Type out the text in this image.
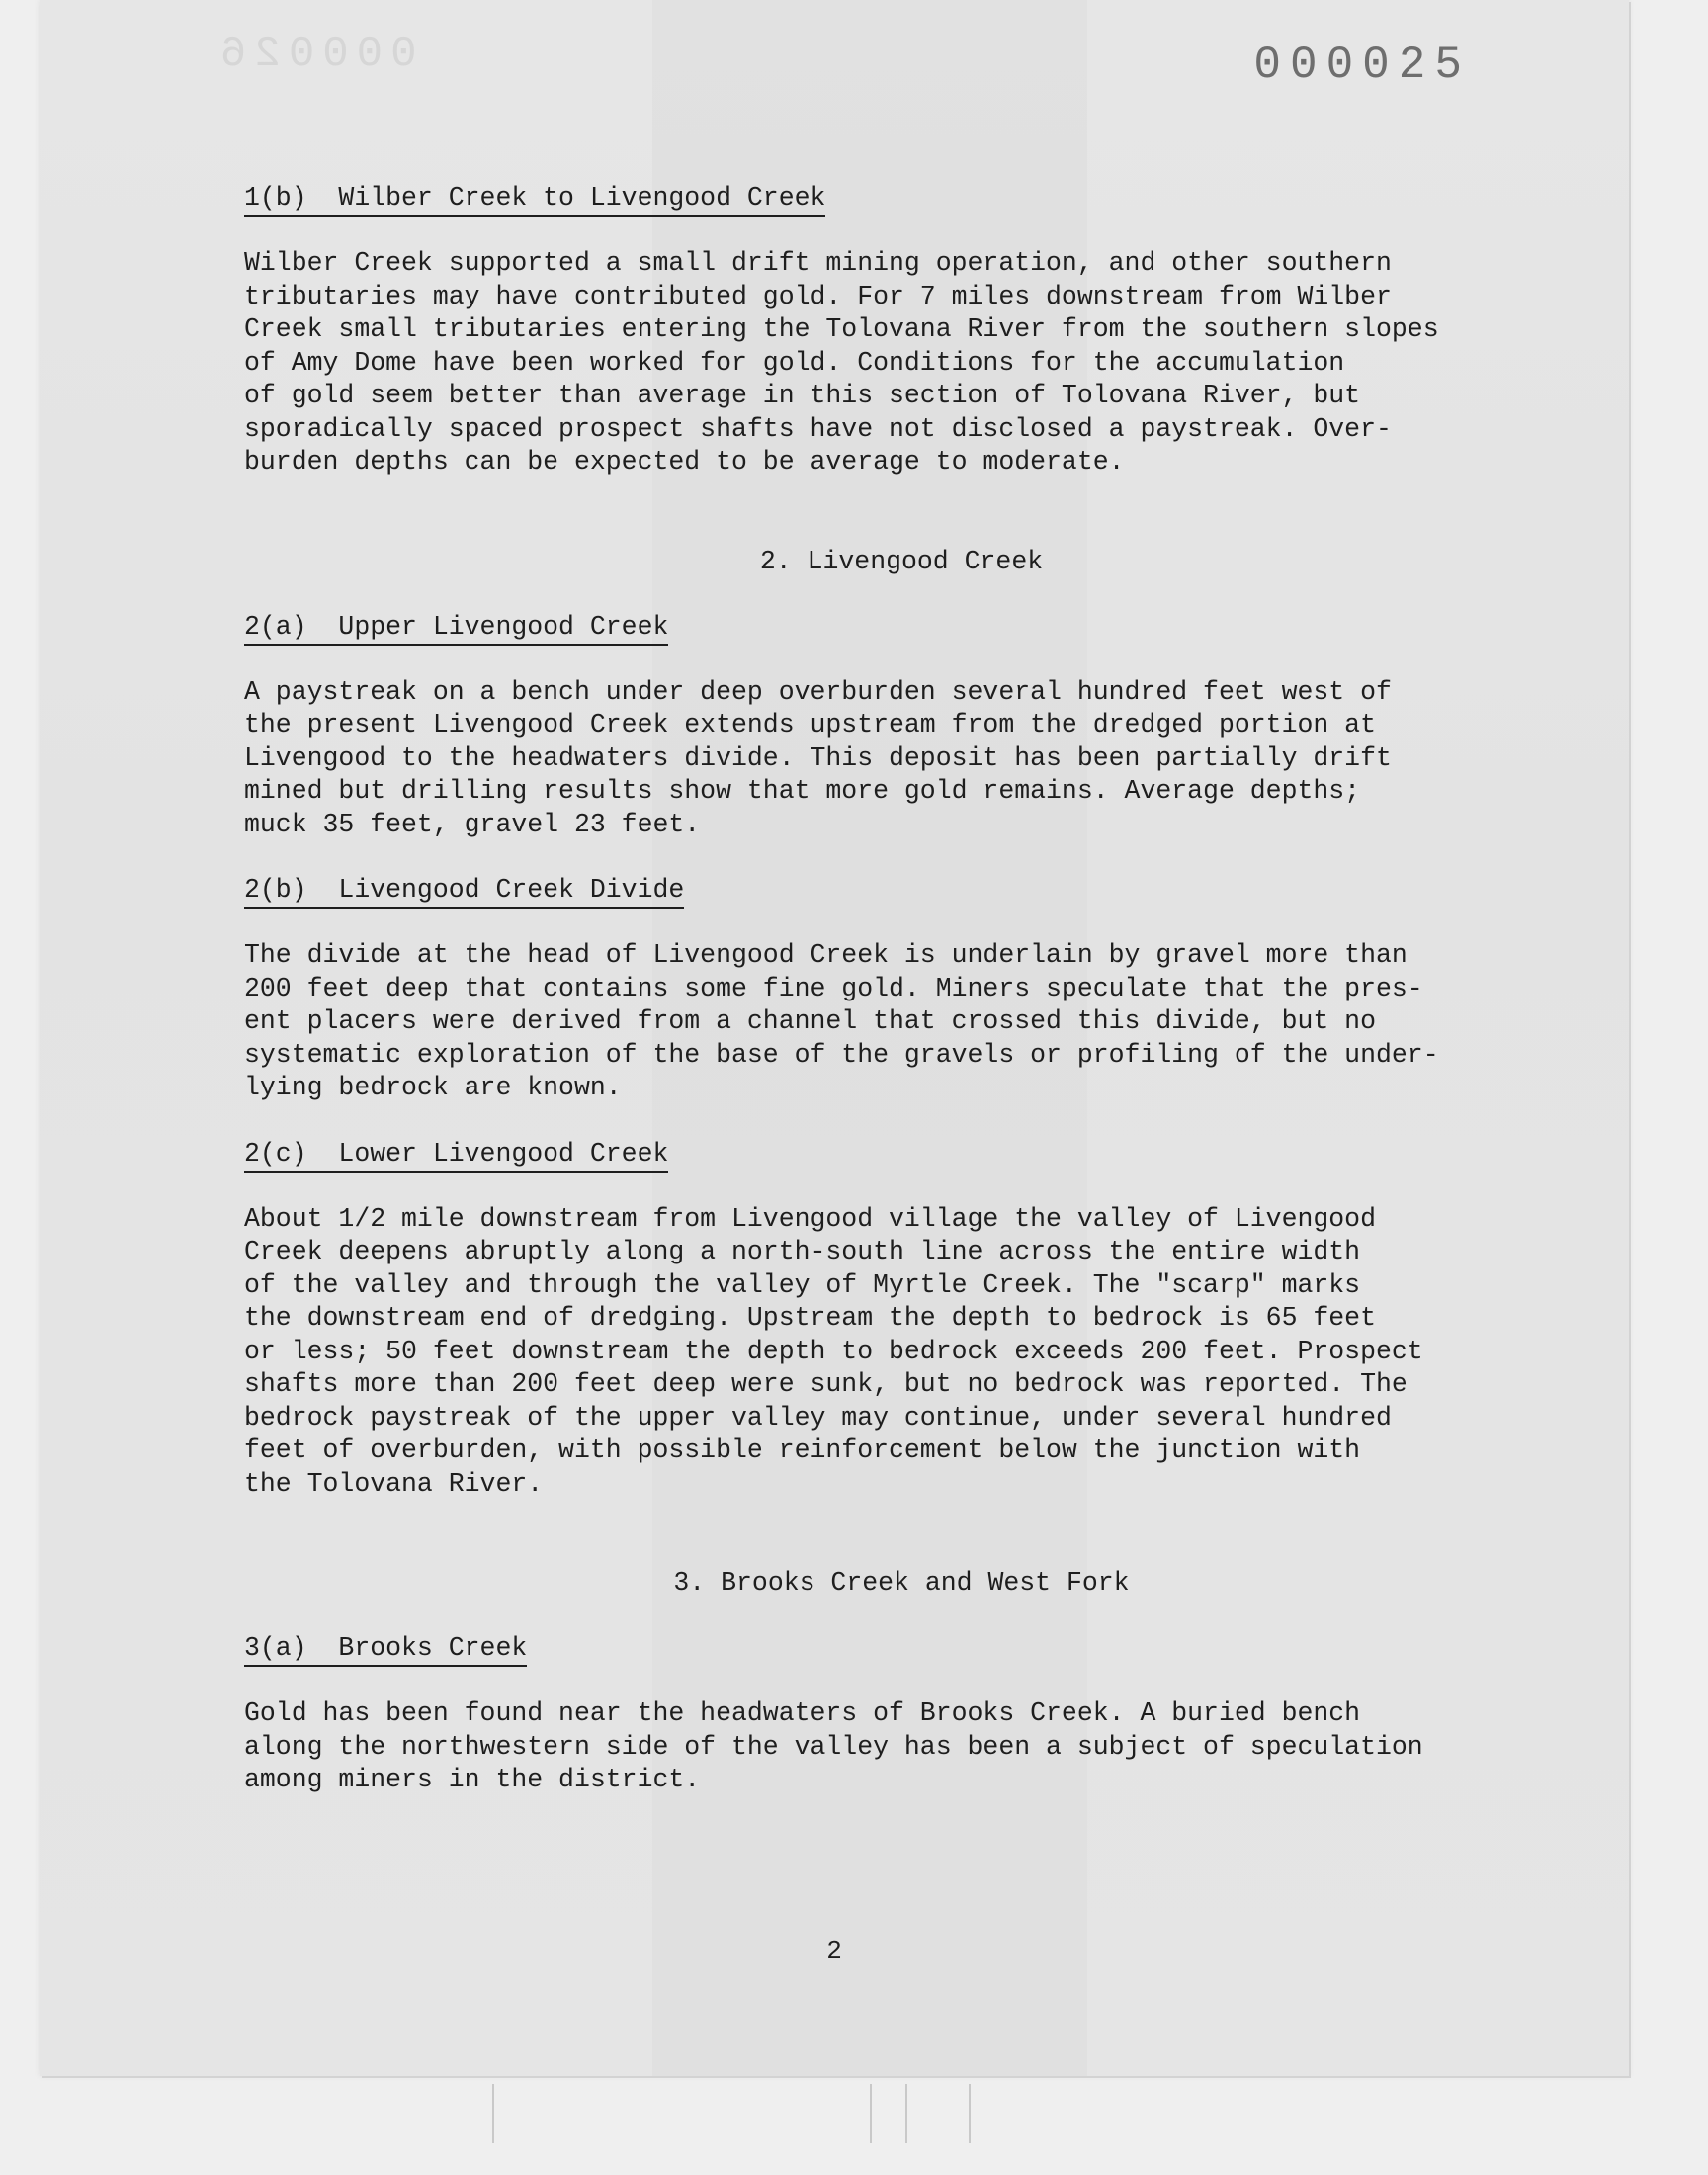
000026	000025
1(b)  Wilber Creek to Livengood Creek

Wilber Creek supported a small drift mining operation, and other southern
tributaries may have contributed gold. For 7 miles downstream from Wilber
Creek small tributaries entering the Tolovana River from the southern slopes
of Amy Dome have been worked for gold. Conditions for the accumulation
of gold seem better than average in this section of Tolovana River, but
sporadically spaced prospect shafts have not disclosed a paystreak. Over-
burden depths can be expected to be average to moderate.

2. Livengood Creek

2(a)  Upper Livengood Creek

A paystreak on a bench under deep overburden several hundred feet west of
the present Livengood Creek extends upstream from the dredged portion at
Livengood to the headwaters divide. This deposit has been partially drift
mined but drilling results show that more gold remains. Average depths;
muck 35 feet, gravel 23 feet.

2(b)  Livengood Creek Divide

The divide at the head of Livengood Creek is underlain by gravel more than
200 feet deep that contains some fine gold. Miners speculate that the pres-
ent placers were derived from a channel that crossed this divide, but no
systematic exploration of the base of the gravels or profiling of the under-
lying bedrock are known.

2(c)  Lower Livengood Creek

About 1/2 mile downstream from Livengood village the valley of Livengood
Creek deepens abruptly along a north-south line across the entire width
of the valley and through the valley of Myrtle Creek. The "scarp" marks
the downstream end of dredging. Upstream the depth to bedrock is 65 feet
or less; 50 feet downstream the depth to bedrock exceeds 200 feet. Prospect
shafts more than 200 feet deep were sunk, but no bedrock was reported. The
bedrock paystreak of the upper valley may continue, under several hundred
feet of overburden, with possible reinforcement below the junction with
the Tolovana River.

3. Brooks Creek and West Fork

3(a)  Brooks Creek

Gold has been found near the headwaters of Brooks Creek. A buried bench
along the northwestern side of the valley has been a subject of speculation
among miners in the district.

2
